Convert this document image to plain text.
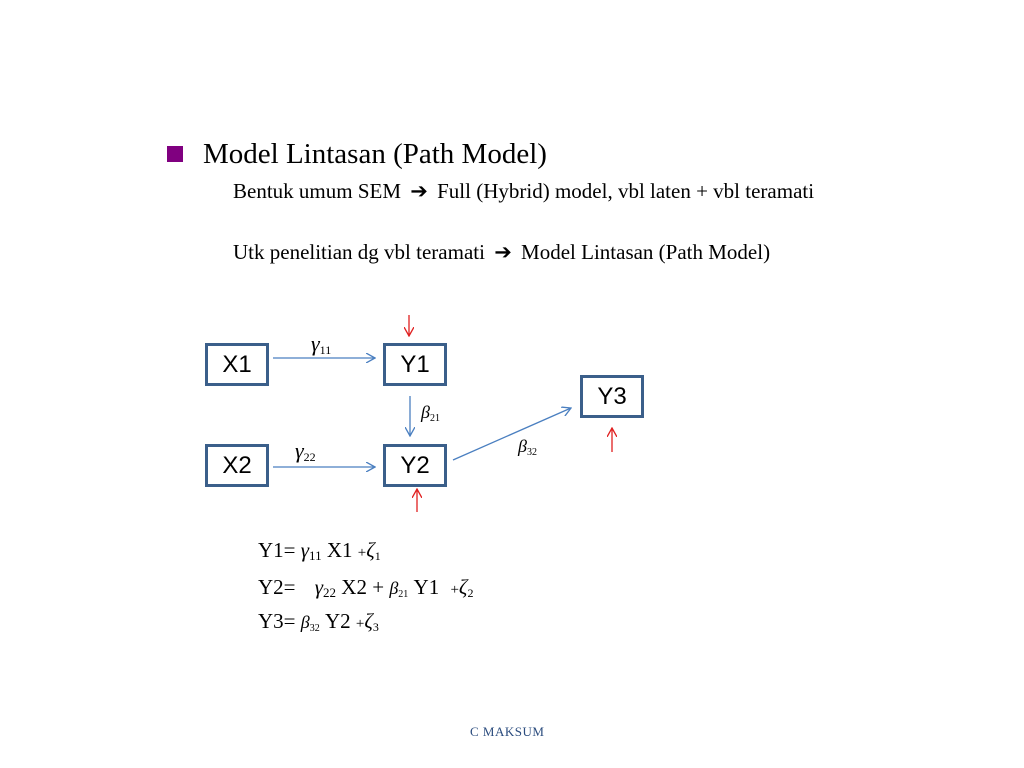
Model Lintasan (Path Model)
Bentuk umum SEM ➔ Full (Hybrid) model, vbl laten + vbl teramati
Utk penelitian dg vbl teramati ➔ Model Lintasan (Path Model)
X1	Y1
X2	Y2
Y3
$\gamma_{11}$
$\beta_{21}$
$\gamma_{22}$
$\beta_{32}$
$Y1= \gamma_{11}$ $X1 +\zeta_1$
$Y2= \gamma_{22}$ $X2 + \beta_{21}$ $Y1 +\zeta_2$
$Y3= \beta_{32}$ $Y2 +\zeta_3$
C MAKSUM
